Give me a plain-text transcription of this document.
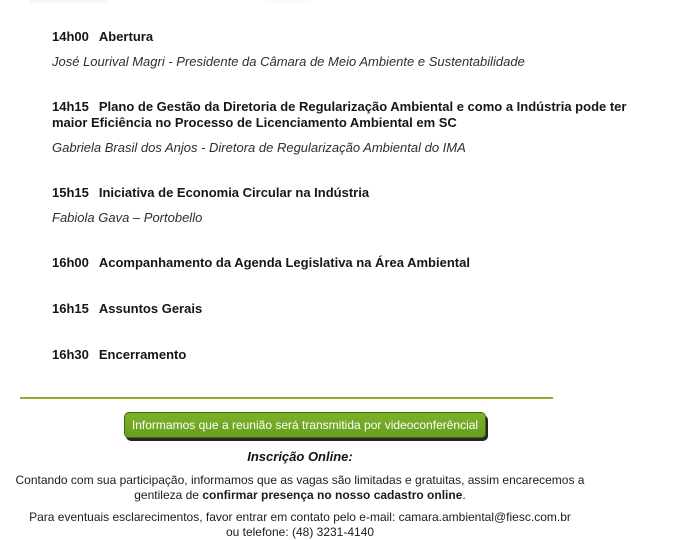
14h00 Abertura
José Lourival Magri - Presidente da Câmara de Meio Ambiente e Sustentabilidade
14h15 Plano de Gestão da Diretoria de Regularização Ambiental e como a Indústria pode ter maior Eficiência no Processo de Licenciamento Ambiental em SC
Gabriela Brasil dos Anjos - Diretora de Regularização Ambiental do IMA
15h15 Iniciativa de Economia Circular na Indústria
Fabiola Gava – Portobello
16h00 Acompanhamento da Agenda Legislativa na Área Ambiental
16h15 Assuntos Gerais
16h30 Encerramento
Informamos que a reunião será transmitida por videoconferêncial
Inscrição Online:
Contando com sua participação, informamos que as vagas são limitadas e gratuitas, assim encarecemos a
gentileza de confirmar presença no nosso cadastro online.
Para eventuais esclarecimentos, favor entrar em contato pelo e-mail: camara.ambiental@fiesc.com.br
ou telefone: (48) 3231-4140
